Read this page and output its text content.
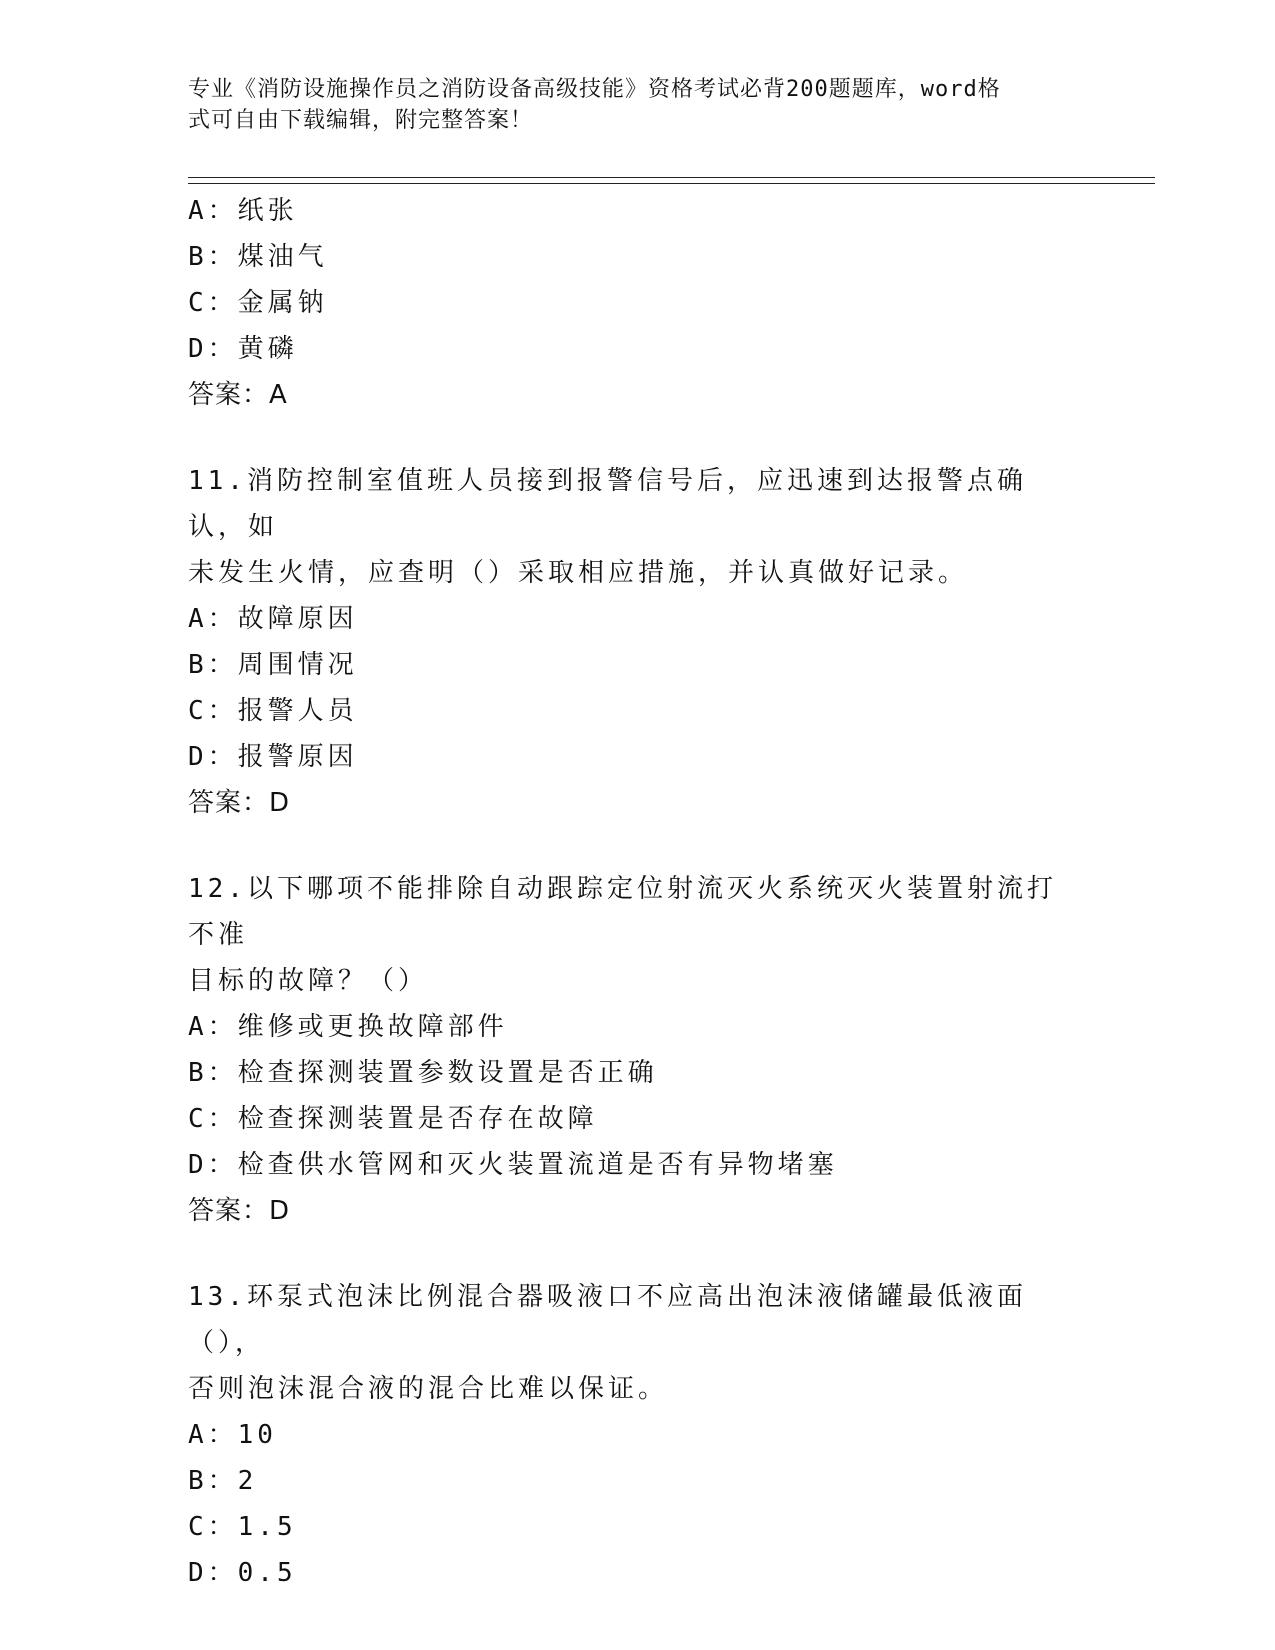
专业《消防设施操作员之消防设备高级技能》资格考试必背200题题库，word格
式可自由下载编辑，附完整答案！
A：纸张
B：煤油气
C：金属钠
D：黄磷
答案：A
11.消防控制室值班人员接到报警信号后，应迅速到达报警点确认，如
未发生火情，应查明（）采取相应措施，并认真做好记录。
A：故障原因
B：周围情况
C：报警人员
D：报警原因
答案：D
12.以下哪项不能排除自动跟踪定位射流灭火系统灭火装置射流打不准
目标的故障？（）
A：维修或更换故障部件
B：检查探测装置参数设置是否正确
C：检查探测装置是否存在故障
D：检查供水管网和灭火装置流道是否有异物堵塞
答案：D
13.环泵式泡沫比例混合器吸液口不应高出泡沫液储罐最低液面（），
否则泡沫混合液的混合比难以保证。
A：10
B：2
C：1.5
D：0.5
